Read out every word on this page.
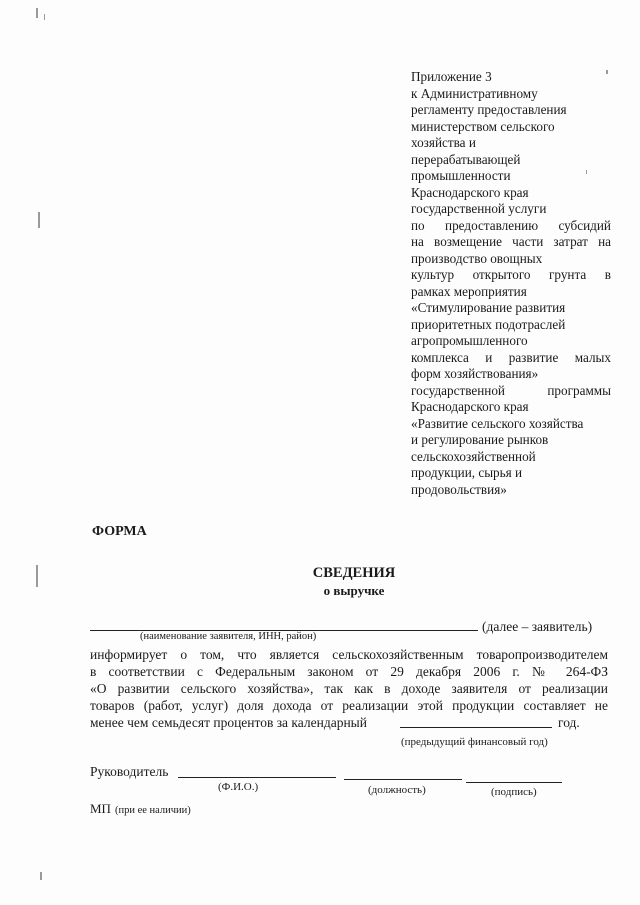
Приложение 3
к Административному
регламенту предоставления
министерством сельского
хозяйства и
перерабатывающей
промышленности
Краснодарского края
государственной услуги
по предоставлению субсидий
на возмещение части затрат на
производство овощных
культур открытого грунта в
рамках мероприятия
«Стимулирование развития
приоритетных подотраслей
агропромышленного
комплекса и развитие малых
форм хозяйствования»
государственной программы
Краснодарского края
«Развитие сельского хозяйства
и регулирование рынков
сельскохозяйственной
продукции, сырья и
продовольствия»
ФОРМА
СВЕДЕНИЯ
о выручке
(далее – заявитель)
(наименование заявителя, ИНН, район)
информирует о том, что является сельскохозяйственным товаропроизводителем
в соответствии с Федеральным законом от 29 декабря 2006 г. № 264-ФЗ
«О развитии сельского хозяйства», так как в доходе заявителя от реализации
товаров (работ, услуг) доля дохода от реализации этой продукции составляет не
менее чем семьдесят процентов за календарный	год.
(предыдущий финансовый год)
Руководитель
(Ф.И.О.)	(должность)	(подпись)
МП (при ее наличии)
